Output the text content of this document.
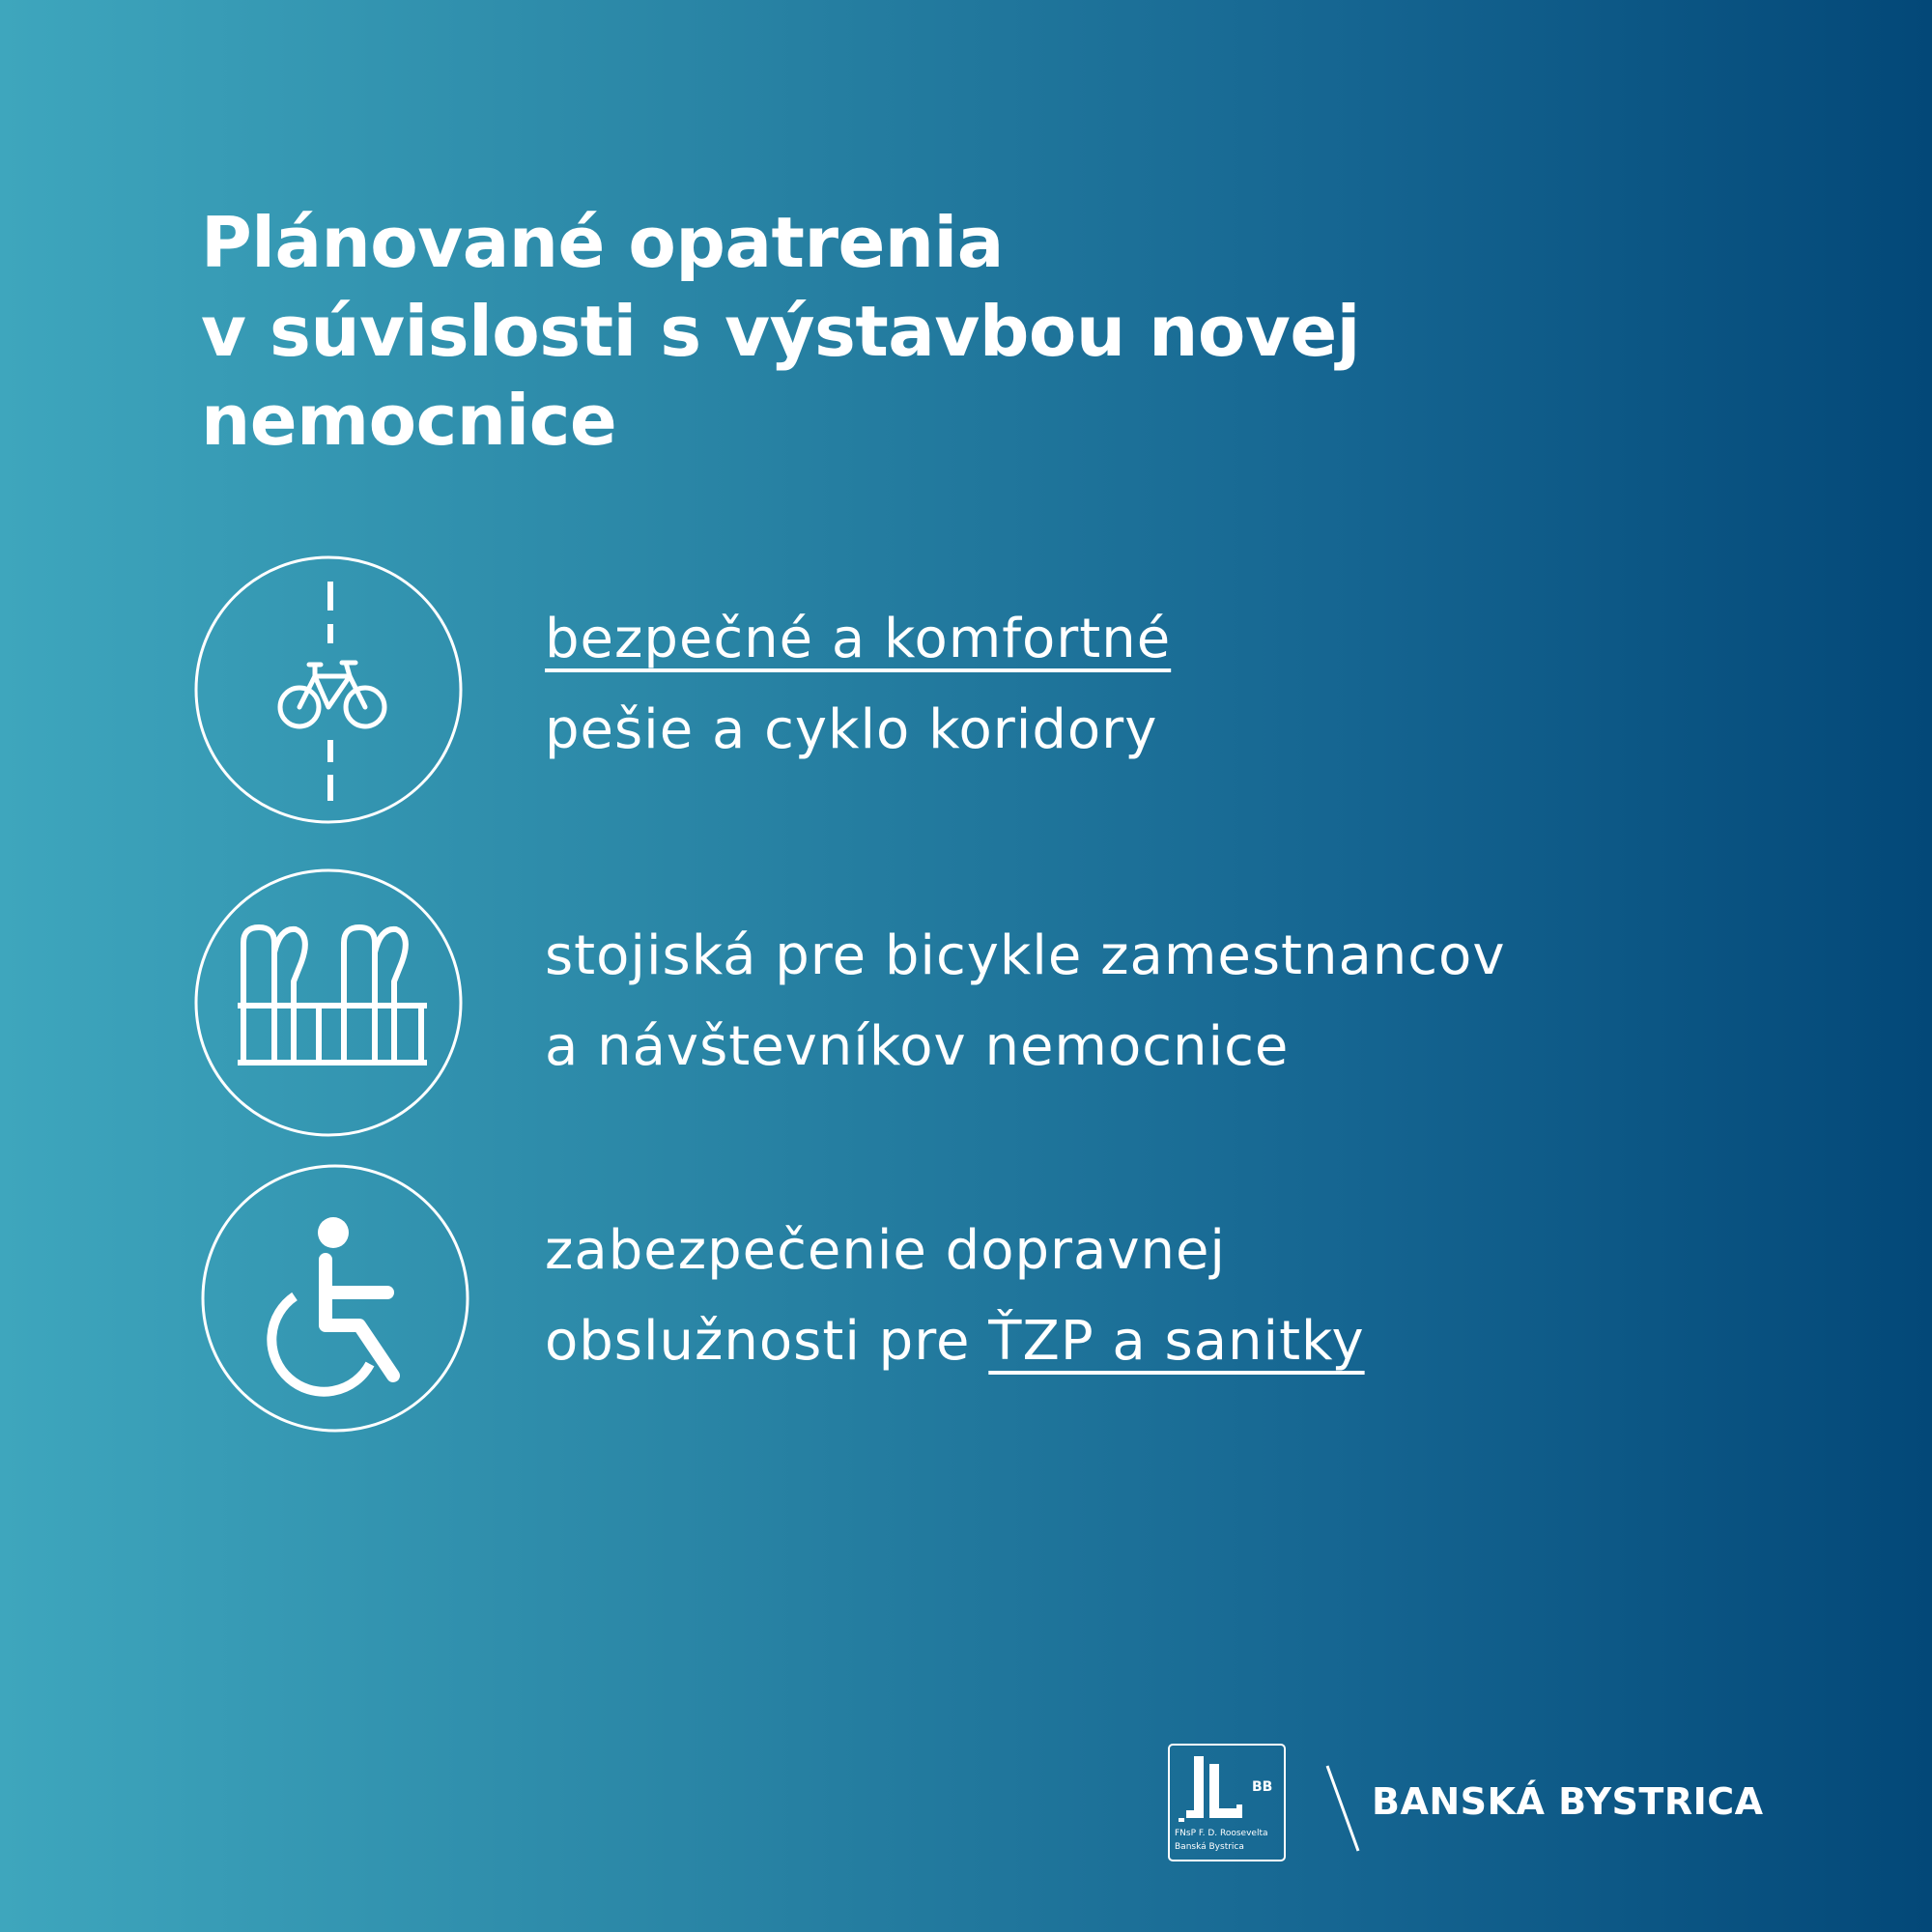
Plánované opatrenia
v súvislosti s výstavbou novej
nemocnice
bezpečné a komfortné
pešie a cyklo koridory
stojiská pre bicykle zamestnancov
a návštevníkov nemocnice
zabezpečenie dopravnej
obslužnosti pre ŤZP a sanitky
BB
FNsP F. D. Roosevelta
Banská Bystrica
BANSKÁ BYSTRICA
